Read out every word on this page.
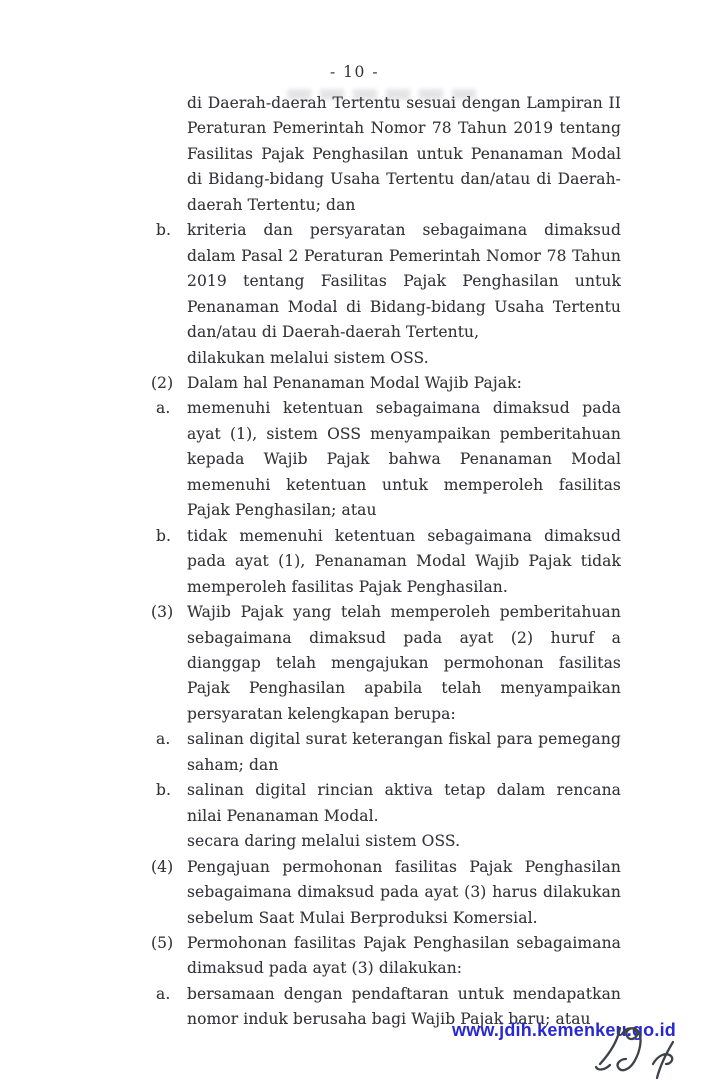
- 10 -

di Daerah-daerah Tertentu sesuai dengan Lampiran II Peraturan Pemerintah Nomor 78 Tahun 2019 tentang Fasilitas Pajak Penghasilan untuk Penanaman Modal di Bidang-bidang Usaha Tertentu dan/atau di Daerah-daerah Tertentu; dan

b. kriteria dan persyaratan sebagaimana dimaksud dalam Pasal 2 Peraturan Pemerintah Nomor 78 Tahun 2019 tentang Fasilitas Pajak Penghasilan untuk Penanaman Modal di Bidang-bidang Usaha Tertentu dan/atau di Daerah-daerah Tertentu,

dilakukan melalui sistem OSS.

(2) Dalam hal Penanaman Modal Wajib Pajak:
a. memenuhi ketentuan sebagaimana dimaksud pada ayat (1), sistem OSS menyampaikan pemberitahuan kepada Wajib Pajak bahwa Penanaman Modal memenuhi ketentuan untuk memperoleh fasilitas Pajak Penghasilan; atau
b. tidak memenuhi ketentuan sebagaimana dimaksud pada ayat (1), Penanaman Modal Wajib Pajak tidak memperoleh fasilitas Pajak Penghasilan.
(3) Wajib Pajak yang telah memperoleh pemberitahuan sebagaimana dimaksud pada ayat (2) huruf a dianggap telah mengajukan permohonan fasilitas Pajak Penghasilan apabila telah menyampaikan persyaratan kelengkapan berupa:
a. salinan digital surat keterangan fiskal para pemegang saham; dan
b. salinan digital rincian aktiva tetap dalam rencana nilai Penanaman Modal.

secara daring melalui sistem OSS.

(4) Pengajuan permohonan fasilitas Pajak Penghasilan sebagaimana dimaksud pada ayat (3) harus dilakukan sebelum Saat Mulai Berproduksi Komersial.
(5) Permohonan fasilitas Pajak Penghasilan sebagaimana dimaksud pada ayat (3) dilakukan:
a. bersamaan dengan pendaftaran untuk mendapatkan nomor induk berusaha bagi Wajib Pajak baru; atau
www.jdih.kemenkeu.go.id
